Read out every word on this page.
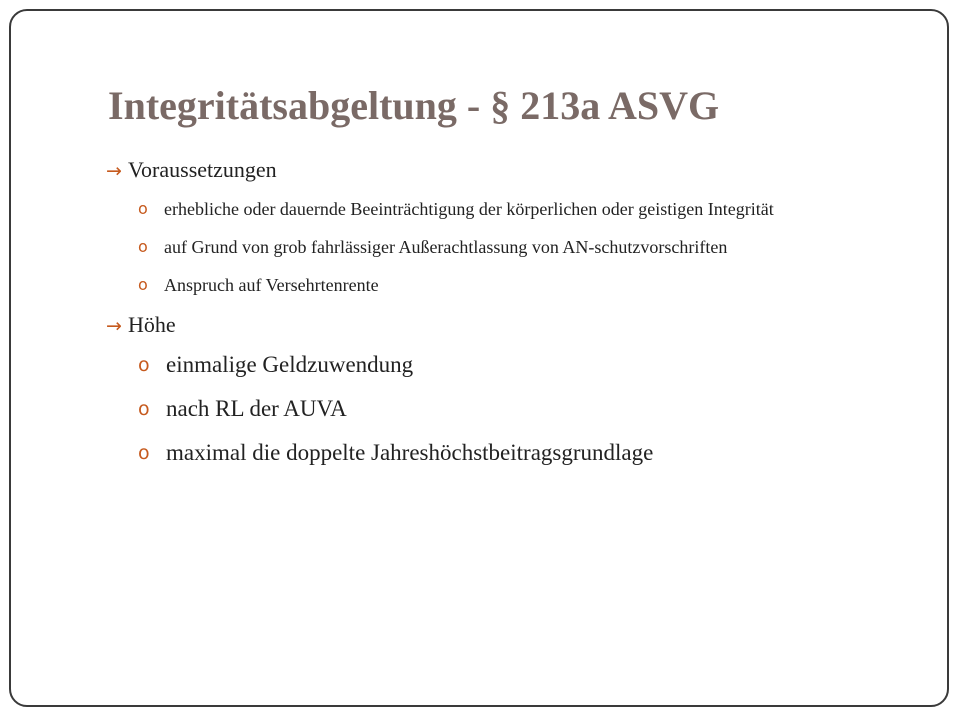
Integritätsabgeltung - § 213a ASVG
→ Voraussetzungen
o erhebliche oder dauernde Beeinträchtigung der körperlichen oder geistigen Integrität
o auf Grund von grob fahrlässiger Außerachtlassung von AN-schutzvorschriften
o Anspruch auf Versehrtenrente
→ Höhe
o einmalige Geldzuwendung
o nach RL der AUVA
o maximal die doppelte Jahreshöchstbeitragsgrundlage
